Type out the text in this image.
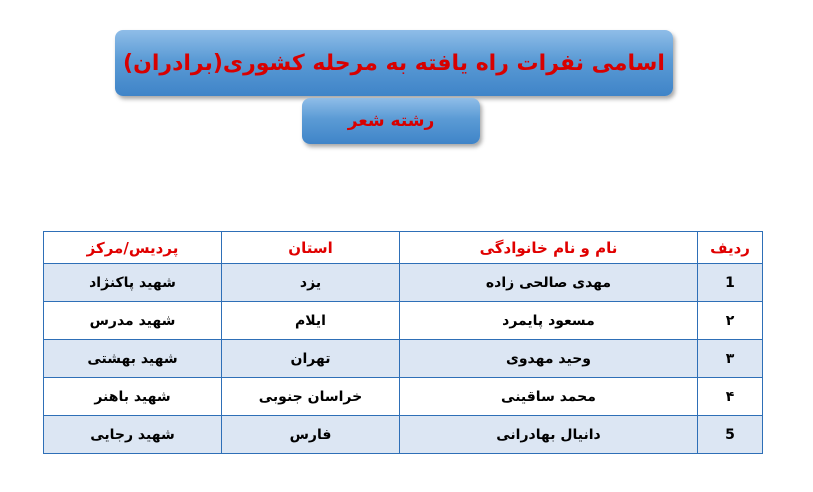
اسامی نفرات راه یافته به مرحله کشوری(برادران)
رشته شعر
ردیف	نام و نام خانوادگی	استان	پردیس/مرکز
1	مهدی صالحی زاده	یزد	شهید پاکنژاد
۲	مسعود پایمرد	ایلام	شهید مدرس
۳	وحید مهدوی	تهران	شهید بهشتی
۴	محمد ساقینی	خراسان جنوبی	شهید باهنر
5	دانیال بهادرانی	فارس	شهید رجایی
